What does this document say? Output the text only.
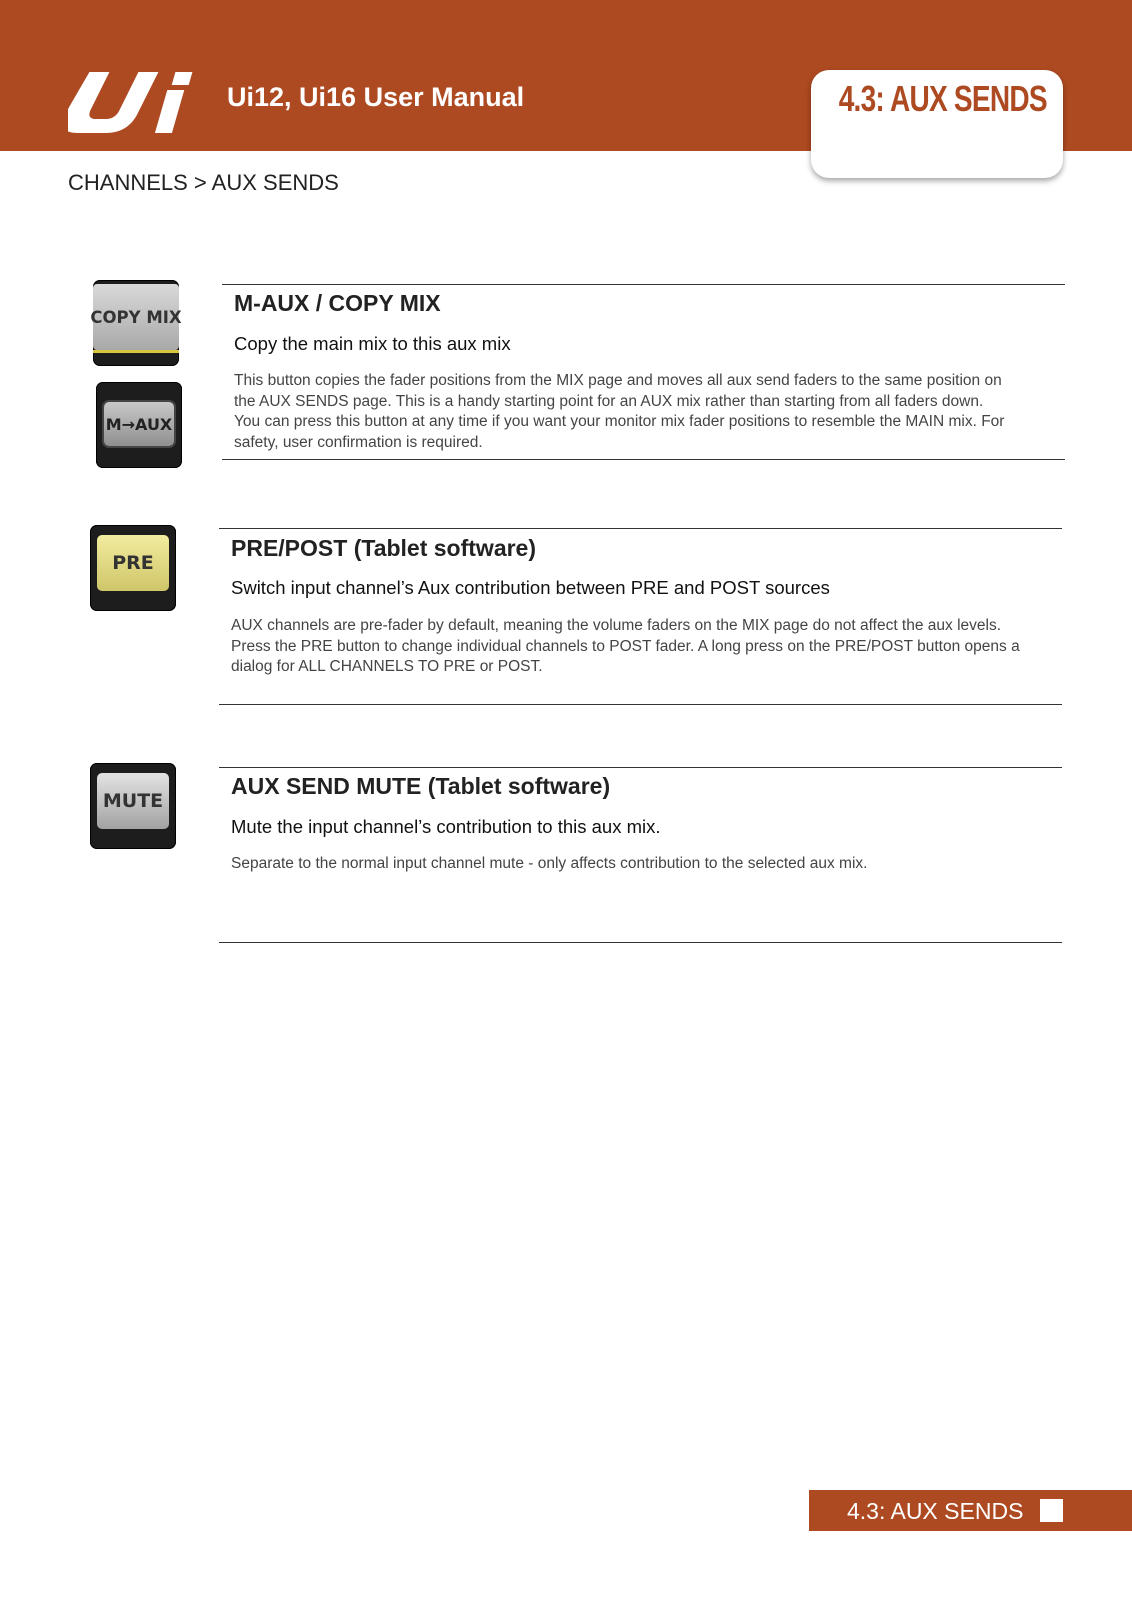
Ui12, Ui16 User Manual	4.3: AUX SENDS
CHANNELS > AUX SENDS
COPY MIX
M→AUX
M-AUX / COPY MIX
Copy the main mix to this aux mix
This button copies the fader positions from the MIX page and moves all aux send faders to the same position on
the AUX SENDS page. This is a handy starting point for an AUX mix rather than starting from all faders down.
You can press this button at any time if you want your monitor mix fader positions to resemble the MAIN mix. For
safety, user confirmation is required.
PRE
PRE/POST (Tablet software)
Switch input channel’s Aux contribution between PRE and POST sources
AUX channels are pre-fader by default, meaning the volume faders on the MIX page do not affect the aux levels.
Press the PRE button to change individual channels to POST fader. A long press on the PRE/POST button opens a
dialog for ALL CHANNELS TO PRE or POST.
MUTE
AUX SEND MUTE (Tablet software)
Mute the input channel’s contribution to this aux mix.
Separate to the normal input channel mute - only affects contribution to the selected aux mix.
4.3: AUX SENDS
